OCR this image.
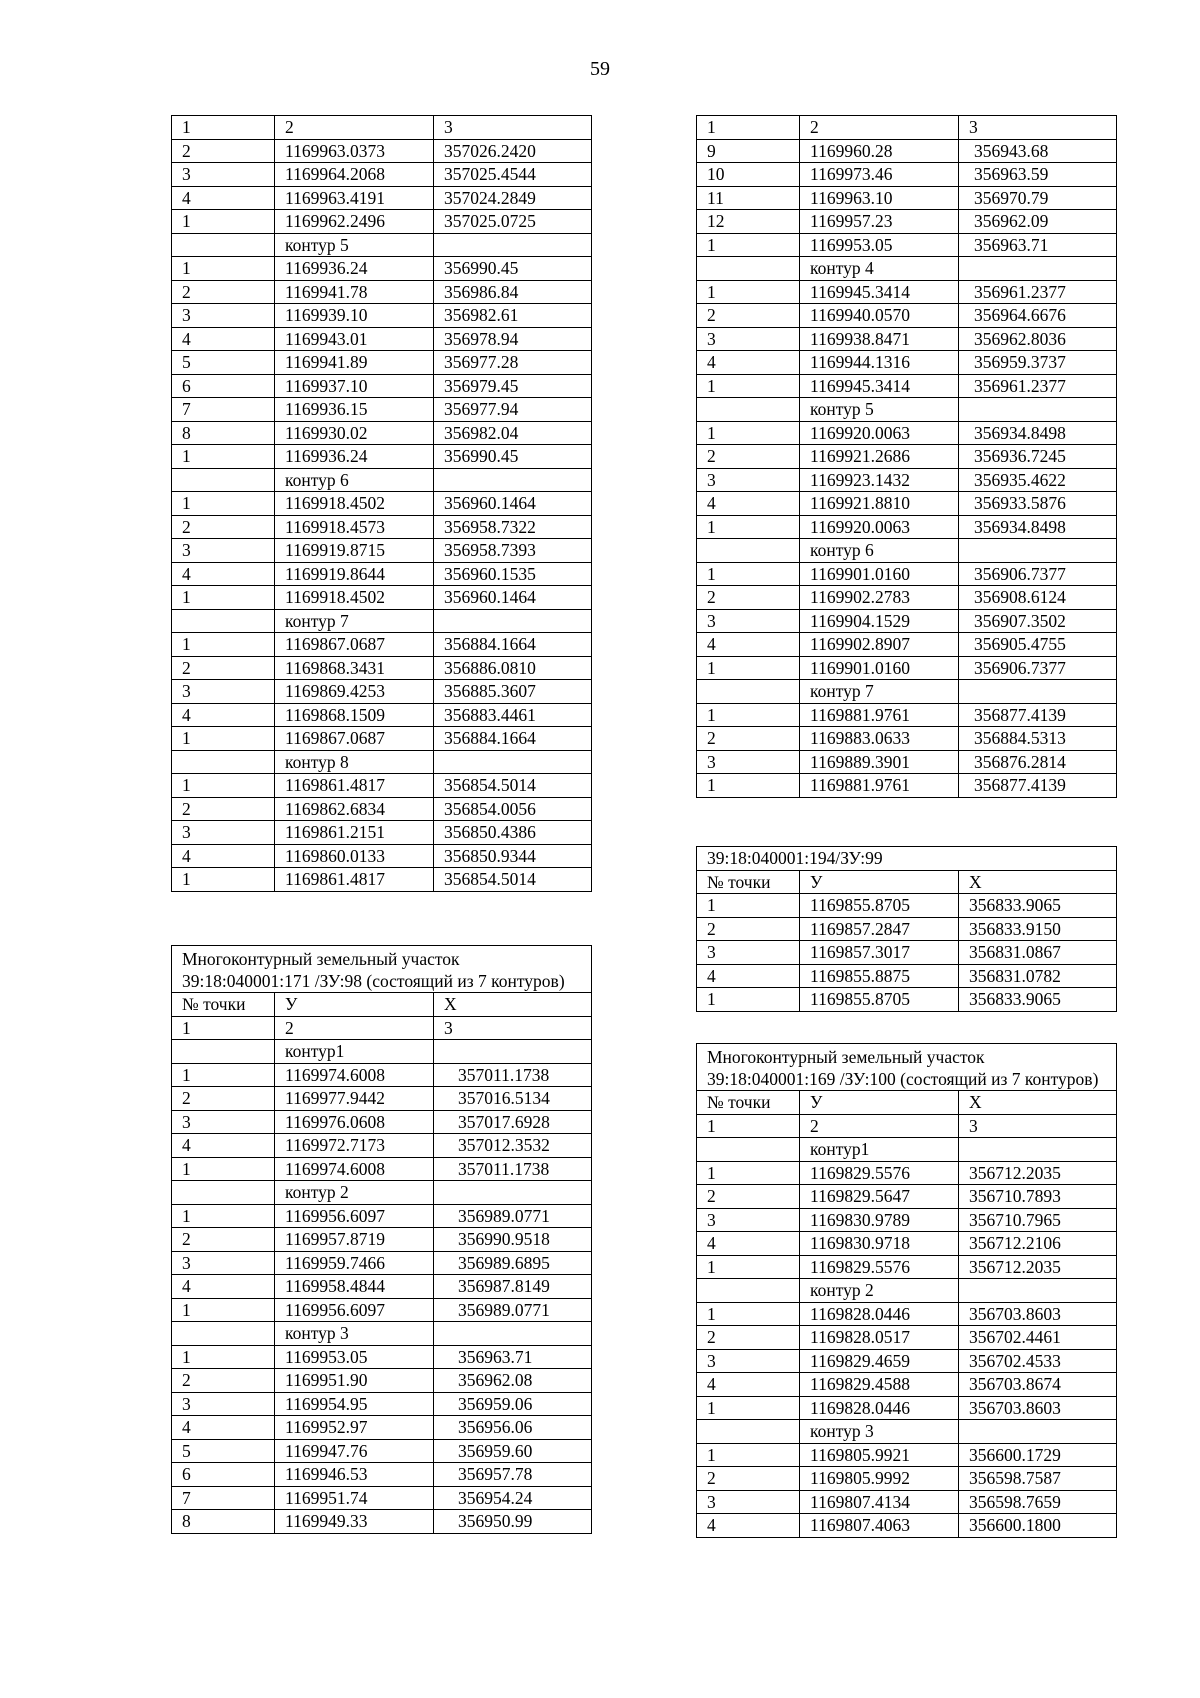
59
1	2	3
2	1169963.0373	357026.2420
3	1169964.2068	357025.4544
4	1169963.4191	357024.2849
1	1169962.2496	357025.0725
	контур 5	
1	1169936.24	356990.45
2	1169941.78	356986.84
3	1169939.10	356982.61
4	1169943.01	356978.94
5	1169941.89	356977.28
6	1169937.10	356979.45
7	1169936.15	356977.94
8	1169930.02	356982.04
1	1169936.24	356990.45
	контур 6	
1	1169918.4502	356960.1464
2	1169918.4573	356958.7322
3	1169919.8715	356958.7393
4	1169919.8644	356960.1535
1	1169918.4502	356960.1464
	контур 7	
1	1169867.0687	356884.1664
2	1169868.3431	356886.0810
3	1169869.4253	356885.3607
4	1169868.1509	356883.4461
1	1169867.0687	356884.1664
	контур 8	
1	1169861.4817	356854.5014
2	1169862.6834	356854.0056
3	1169861.2151	356850.4386
4	1169860.0133	356850.9344
1	1169861.4817	356854.5014
Многоконтурный земельный участок 39:18:040001:171 /ЗУ:98 (состоящий из 7 контуров)		
№ точки	У	Х
1	2	3
	контур1	
1	1169974.6008	357011.1738
2	1169977.9442	357016.5134
3	1169976.0608	357017.6928
4	1169972.7173	357012.3532
1	1169974.6008	357011.1738
	контур 2	
1	1169956.6097	356989.0771
2	1169957.8719	356990.9518
3	1169959.7466	356989.6895
4	1169958.4844	356987.8149
1	1169956.6097	356989.0771
	контур 3	
1	1169953.05	356963.71
2	1169951.90	356962.08
3	1169954.95	356959.06
4	1169952.97	356956.06
5	1169947.76	356959.60
6	1169946.53	356957.78
7	1169951.74	356954.24
8	1169949.33	356950.99
1	2	3
9	1169960.28	356943.68
10	1169973.46	356963.59
11	1169963.10	356970.79
12	1169957.23	356962.09
1	1169953.05	356963.71
	контур 4	
1	1169945.3414	356961.2377
2	1169940.0570	356964.6676
3	1169938.8471	356962.8036
4	1169944.1316	356959.3737
1	1169945.3414	356961.2377
	контур 5	
1	1169920.0063	356934.8498
2	1169921.2686	356936.7245
3	1169923.1432	356935.4622
4	1169921.8810	356933.5876
1	1169920.0063	356934.8498
	контур 6	
1	1169901.0160	356906.7377
2	1169902.2783	356908.6124
3	1169904.1529	356907.3502
4	1169902.8907	356905.4755
1	1169901.0160	356906.7377
	контур 7	
1	1169881.9761	356877.4139
2	1169883.0633	356884.5313
3	1169889.3901	356876.2814
1	1169881.9761	356877.4139
39:18:040001:194/ЗУ:99		
№ точки	У	Х
1	1169855.8705	356833.9065
2	1169857.2847	356833.9150
3	1169857.3017	356831.0867
4	1169855.8875	356831.0782
1	1169855.8705	356833.9065
Многоконтурный земельный участок 39:18:040001:169 /ЗУ:100 (состоящий из 7 контуров)		
№ точки	У	Х
1	2	3
	контур1	
1	1169829.5576	356712.2035
2	1169829.5647	356710.7893
3	1169830.9789	356710.7965
4	1169830.9718	356712.2106
1	1169829.5576	356712.2035
	контур 2	
1	1169828.0446	356703.8603
2	1169828.0517	356702.4461
3	1169829.4659	356702.4533
4	1169829.4588	356703.8674
1	1169828.0446	356703.8603
	контур 3	
1	1169805.9921	356600.1729
2	1169805.9992	356598.7587
3	1169807.4134	356598.7659
4	1169807.4063	356600.1800
